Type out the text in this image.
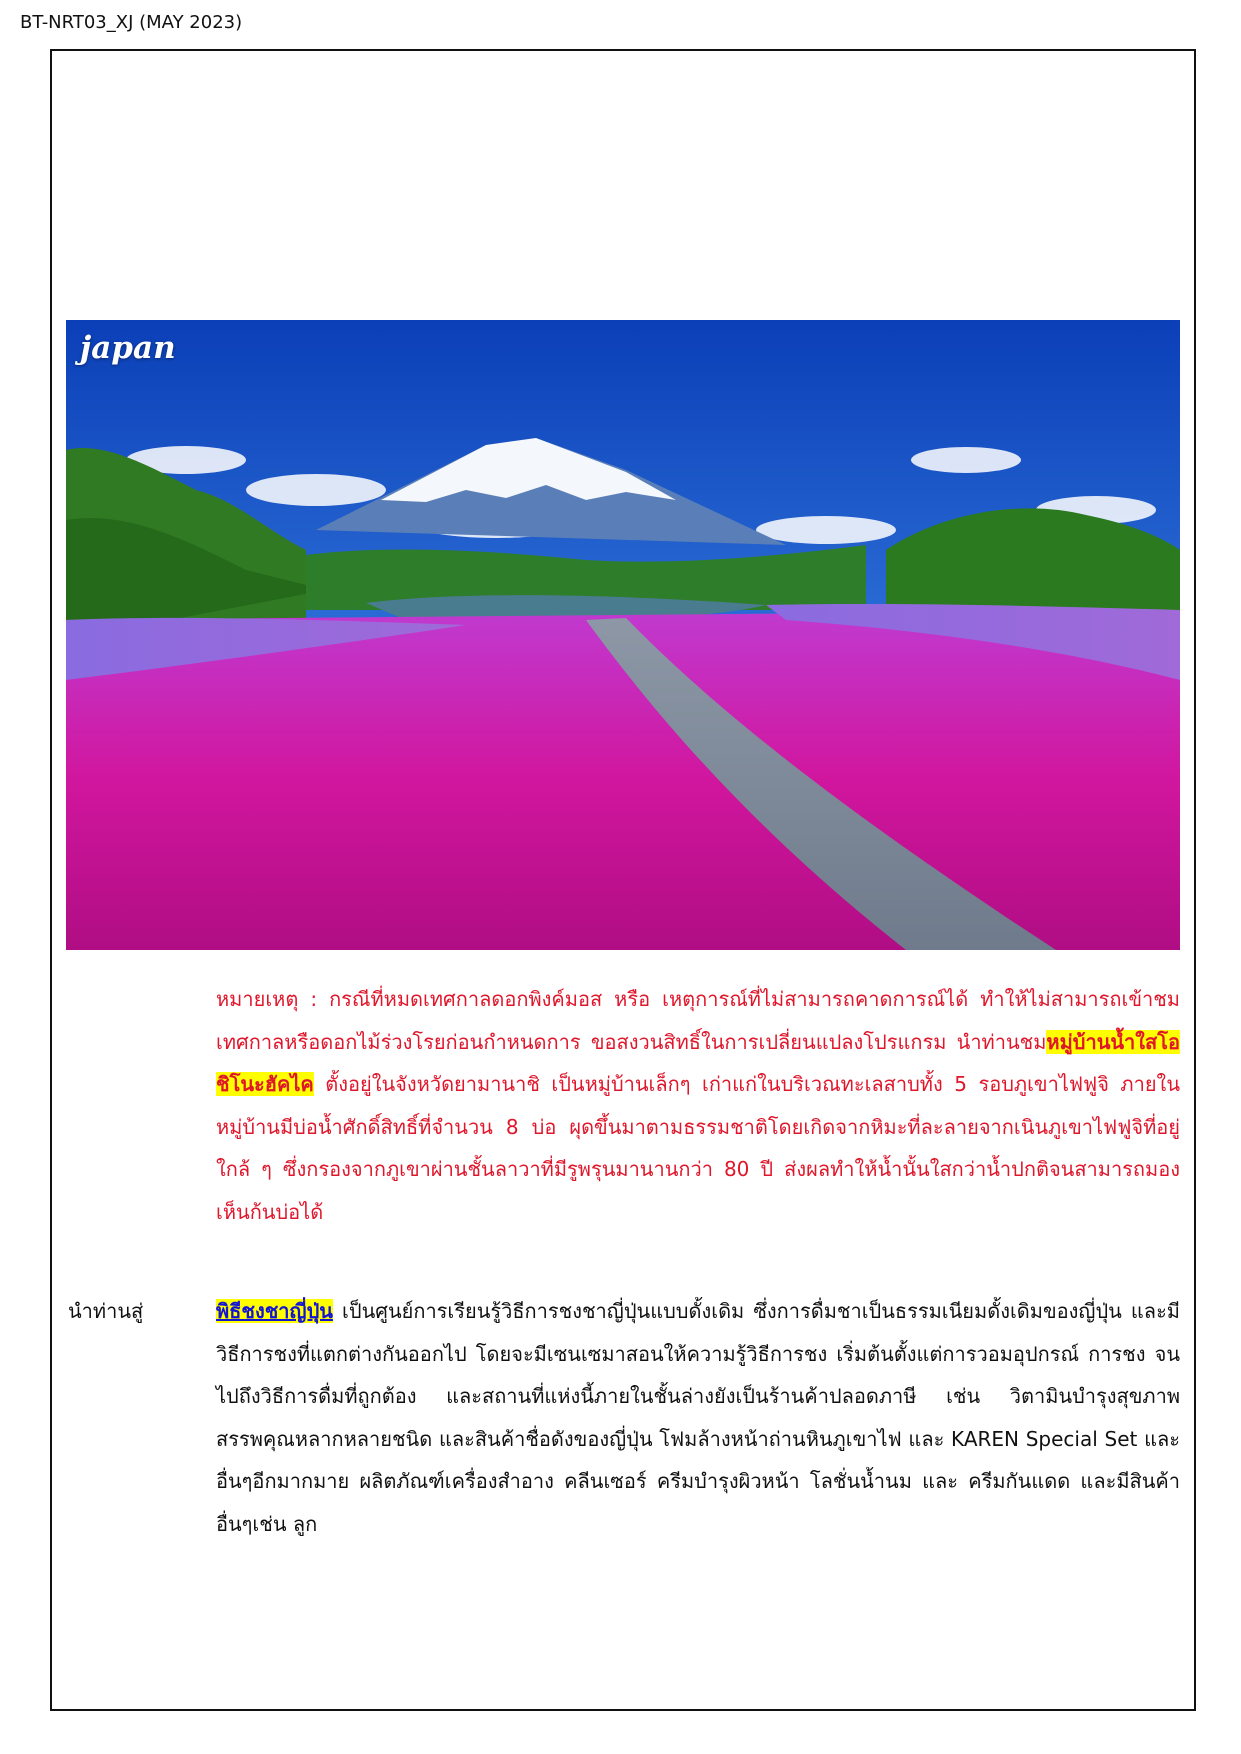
BT-NRT03_XJ (MAY 2023)
japan
หมายเหตุ : กรณีที่หมดเทศกาลดอกพิงค์มอส หรือ เหตุการณ์ที่ไม่สามารถคาดการณ์ได้ ทำให้ไม่สามารถเข้าชมเทศกาลหรือดอกไม้ร่วงโรยก่อนกำหนดการ ขอสงวนสิทธิ์ในการเปลี่ยนแปลงโปรแกรม นำท่านชมหมู่บ้านน้ำใสโอชิโนะฮัคไค ตั้งอยู่ในจังหวัดยามานาชิ เป็นหมู่บ้านเล็กๆ เก่าแก่ในบริเวณทะเลสาบทั้ง 5 รอบภูเขาไฟฟูจิ ภายในหมู่บ้านมีบ่อน้ำศักดิ์สิทธิ์ที่จำนวน 8 บ่อ ผุดขึ้นมาตามธรรมชาติโดยเกิดจากหิมะที่ละลายจากเนินภูเขาไฟฟูจิที่อยู่ใกล้ ๆ ซึ่งกรองจากภูเขาผ่านชั้นลาวาที่มีรูพรุนมานานกว่า 80 ปี ส่งผลทำให้น้ำนั้นใสกว่าน้ำปกติจนสามารถมองเห็นก้นบ่อได้
นำท่านสู่	พิธีชงชาญี่ปุ่น เป็นศูนย์การเรียนรู้วิธีการชงชาญี่ปุ่นแบบดั้งเดิม ซึ่งการดื่มชาเป็นธรรมเนียมดั้งเดิมของญี่ปุ่น และมีวิธีการชงที่แตกต่างกันออกไป โดยจะมีเซนเซมาสอนให้ความรู้วิธีการชง เริ่มต้นตั้งแต่การวอมอุปกรณ์ การชง จนไปถึงวิธีการดื่มที่ถูกต้อง และสถานที่แห่งนี้ภายในชั้นล่างยังเป็นร้านค้าปลอดภาษี เช่น วิตามินบำรุงสุขภาพ สรรพคุณหลากหลายชนิด และสินค้าชื่อดังของญี่ปุ่น โฟมล้างหน้าถ่านหินภูเขาไฟ และ KAREN Special Set และอื่นๆอีกมากมาย ผลิตภัณฑ์เครื่องสำอาง คลีนเซอร์ ครีมบำรุงผิวหน้า โลชั่นน้ำนม และ ครีมกันแดด และมีสินค้าอื่นๆเช่น ลูก
